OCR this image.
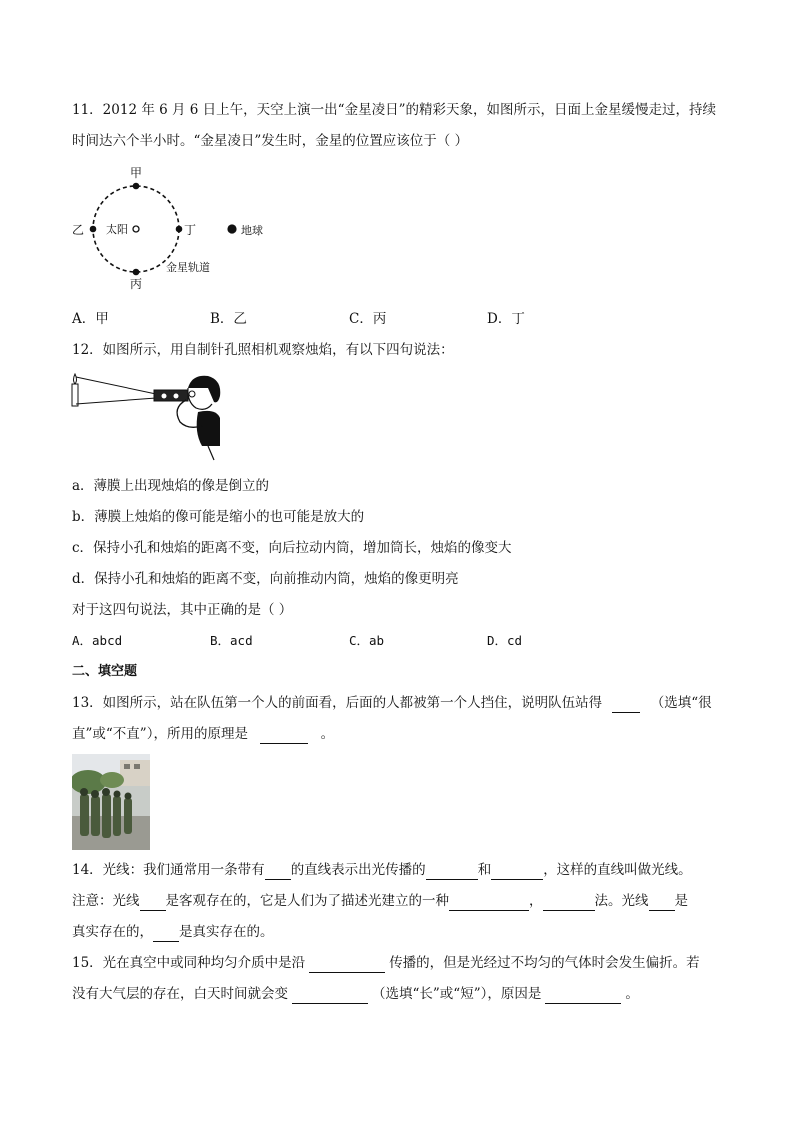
11．2012 年 6 月 6 日上午，天空上演一出“金星凌日”的精彩天象，如图所示，日面上金星缓慢走过，持续
时间达六个半小时。“金星凌日”发生时，金星的位置应该位于（ ）
甲
乙
丙
丁
太阳	地球
金星轨道
A．甲	B．乙	C．丙	D．丁
12．如图所示，用自制针孔照相机观察烛焰，有以下四句说法：
a．薄膜上出现烛焰的像是倒立的
b．薄膜上烛焰的像可能是缩小的也可能是放大的
c．保持小孔和烛焰的距离不变，向后拉动内筒，增加筒长，烛焰的像变大
d．保持小孔和烛焰的距离不变，向前推动内筒，烛焰的像更明亮
对于这四句说法，其中正确的是（ ）
A．abcd	B．acd	C．ab	D．cd
二、填空题
13．如图所示，站在队伍第一个人的前面看，后面的人都被第一个人挡住，说明队伍站得	（选填“很
直”或“不直”），所用的原理是	。
14．光线：我们通常用一条带有 的直线表示出光传播的	和	，这样的直线叫做光线。
注意：光线 是客观存在的，它是人们为了描述光建立的一种	，	法。光线 是
真实存在的， 是真实存在的。
15．光在真空中或同种均匀介质中是沿	传播的，但是光经过不均匀的气体时会发生偏折。若
没有大气层的存在，白天时间就会变	（选填“长”或“短”），原因是	。
